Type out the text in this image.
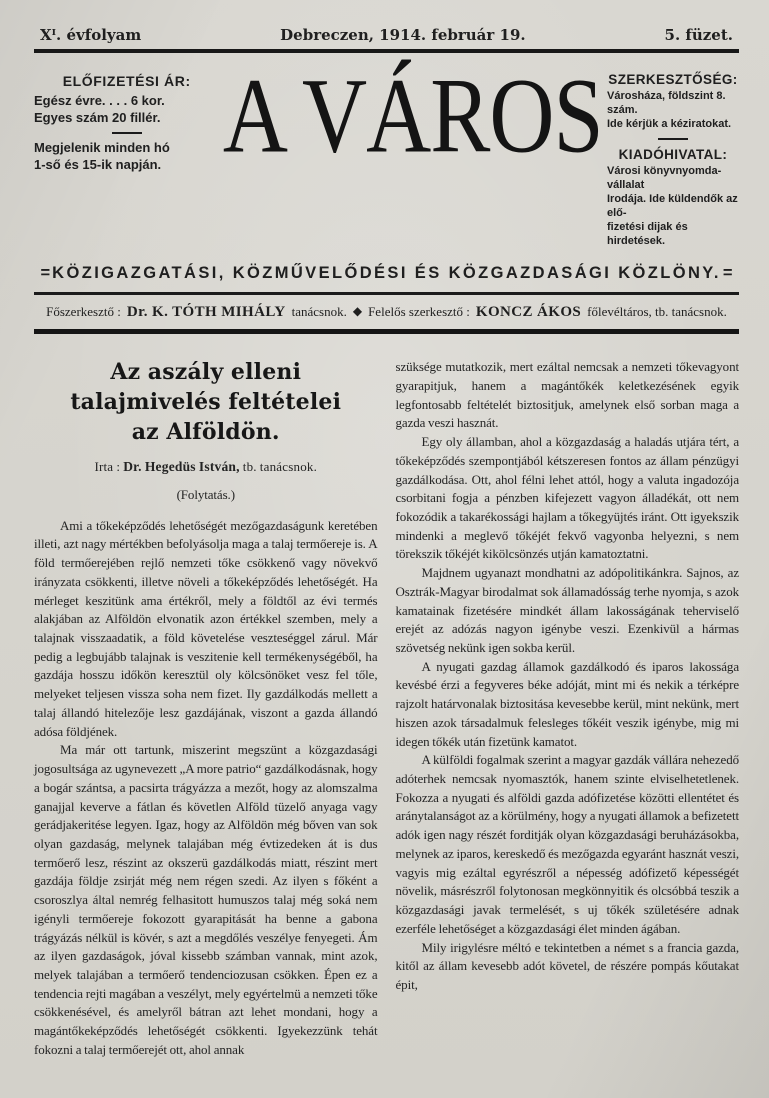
Xᴵ. évfolyam	Debreczen, 1914. február 19.	5. füzet.
ELŐFIZETÉSI ÁR:
Egész évre. . . . 6 kor.
Egyes szám 20 fillér.
Megjelenik minden hó
1-ső és 15-ik napján. A VÁROS SZERKESZTŐSÉG:
Városháza, földszint 8. szám.
Ide kérjük a kéziratokat.
KIADÓHIVATAL:
Városi könyvnyomda-vállalat
Irodája. Ide küldendők az elő-
fizetési dijak és hirdetések.
= KÖZIGAZGATÁSI, KÖZMŰVELŐDÉSI ÉS KÖZGAZDASÁGI KÖZLÖNY. =
Főszerkesztő : Dr. K. TÓTH MIHÁLY tanácsnok. ◆ Felelős szerkesztő : KONCZ ÁKOS főlevéltáros, tb. tanácsnok.
Az aszály elleni talajmivelés feltételei
az Alföldön.
Irta : Dr. Hegedüs István, tb. tanácsnok.
(Folytatás.)

Ami a tőkeképződés lehetőségét mezőgazdaságunk keretében illeti, azt nagy mértékben befolyásolja maga a talaj termőereje is. A föld termőerejében rejlő nemzeti tőke csökkenő vagy növekvő irányzata csökkenti, illetve növeli a tőkeképződés lehetőségét. Ha mérleget keszitünk ama értékről, mely a földtől az évi termés alakjában az Alföldön elvonatik azon értékkel szemben, mely a talajnak visszaadatik, a föld követelése veszteséggel zárul. Már pedig a legbujább talajnak is veszitenie kell termékenységéből, ha gazdája hosszu időkön keresztül oly kölcsönöket vesz fel tőle, melyeket teljesen vissza soha nem fizet. Ily gazdálkodás mellett a talaj állandó hitelezője lesz gazdájának, viszont a gazda állandó adósa földjének.

Ma már ott tartunk, miszerint megszünt a közgazdasági jogosultsága az ugynevezett „A more patrio“ gazdálkodásnak, hogy a bogár szántsa, a pacsirta trágyázza a mezőt, hogy az alomszalma ganajjal keverve a fátlan és követlen Alföld tüzelő anyaga vagy gerádjakeritése legyen. Igaz, hogy az Alföldön még bőven van sok olyan gazdaság, melynek talajában még évtizedeken át is dus termőerő lesz, részint az okszerü gazdálkodás miatt, részint mert gazdája földje zsirját még nem régen szedi. Az ilyen s főként a csoroszlya által nemrég felhasitott humuszos talaj még soká nem igényli termőereje fokozott gyarapitását ha benne a gabona trágyázás nélkül is kövér, s azt a megdőlés veszélye fenyegeti. Ám az ilyen gazdaságok, jóval kissebb számban vannak, mint azok, melyek talajában a termőerő tendenciozusan csökken. Épen ez a tendencia rejti magában a veszélyt, mely egyértelmü a nemzeti tőke csökkenésével, és amelyről bátran azt lehet mondani, hogy a magántőkeképződés lehetőségét csökkenti. Igyekezzünk tehát fokozni a talaj termőerejét ott, ahol annak

szüksége mutatkozik, mert ezáltal nemcsak a nemzeti tőkevagyont gyarapitjuk, hanem a magántőkék keletkezésének egyik legfontosabb feltételét biztositjuk, amelynek első sorban maga a gazda veszi hasznát.

Egy oly államban, ahol a közgazdaság a haladás utjára tért, a tőkeképződés szempontjából kétszeresen fontos az állam pénzügyi gazdálkodása. Ott, ahol félni lehet attól, hogy a valuta ingadozója csorbitani fogja a pénzben kifejezett vagyon álladékát, ott nem fokozódik a takarékossági hajlam a tőkegyüjtés iránt. Ott igyekszik mindenki a meglevő tőkéjét fekvő vagyonba helyezni, s nem törekszik tőkéjét kikölcsönzés utján kamatoztatni.

Majdnem ugyanazt mondhatni az adópolitikánkra. Sajnos, az Osztrák-Magyar birodalmat sok államadósság terhe nyomja, s azok kamatainak fizetésére mindkét állam lakosságának teherviselő erejét az adózás nagyon igénybe veszi. Ezenkivül a hármas szövetség nekünk igen sokba kerül.

A nyugati gazdag államok gazdálkodó és iparos lakossága kevésbé érzi a fegyveres béke adóját, mint mi és nekik a térképre rajzolt határvonalak biztositása kevesebbe kerül, mint nekünk, mert hiszen azok társadalmuk felesleges tőkéit veszik igénybe, mig mi idegen tőkék után fizetünk kamatot.

A külföldi fogalmak szerint a magyar gazdák vállára nehezedő adóterhek nemcsak nyomasztók, hanem szinte elviselhetetlenek. Fokozza a nyugati és alföldi gazda adófizetése közötti ellentétet és aránytalanságot az a körülmény, hogy a nyugati államok a befizetett adók igen nagy részét forditják olyan közgazdasági beruházásokba, melynek az iparos, kereskedő és mezőgazda egyaránt hasznát veszi, vagyis mig ezáltal egyrészről a népesség adófizető képességét növelik, másrészről folytonosan megkönnyitik és olcsóbbá teszik a közgazdasági javak termelését, s uj tőkék születésére adnak ezerféle lehetőséget a közgazdasági élet minden ágában.

Mily irigylésre méltó e tekintetben a német s a francia gazda, kitől az állam kevesebb adót követel, de részére pompás kőutakat épit,
